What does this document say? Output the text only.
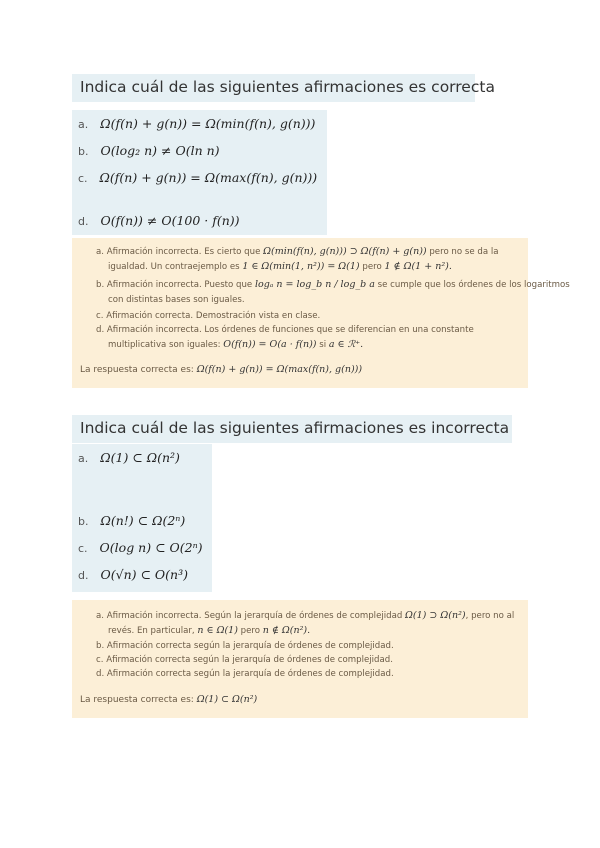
Indica cuál de las siguientes afirmaciones es correcta
a. Ω(f(n) + g(n)) = Ω(min(f(n), g(n)))
b. O(log₂ n) ≠ O(ln n)
c. Ω(f(n) + g(n)) = Ω(max(f(n), g(n)))
d. O(f(n)) ≠ O(100 · f(n))
a. Afirmación incorrecta. Es cierto que Ω(min(f(n), g(n))) ⊃ Ω(f(n) + g(n)) pero no se da la
igualdad. Un contraejemplo es 1 ∈ Ω(min(1, n²)) = Ω(1) pero 1 ∉ Ω(1 + n²).
b. Afirmación incorrecta. Puesto que logₐ n = log_b n / log_b a se cumple que los órdenes de los logaritmos
con distintas bases son iguales.
c. Afirmación correcta. Demostración vista en clase.
d. Afirmación incorrecta. Los órdenes de funciones que se diferencian en una constante
multiplicativa son iguales: O(f(n)) = O(a · f(n)) si a ∈ ℛ⁺.
La respuesta correcta es: Ω(f(n) + g(n)) = Ω(max(f(n), g(n)))
Indica cuál de las siguientes afirmaciones es incorrecta
a. Ω(1) ⊂ Ω(n²)
b. Ω(n!) ⊂ Ω(2ⁿ)
c. O(log n) ⊂ O(2ⁿ)
d. O(√n) ⊂ O(n³)
a. Afirmación incorrecta. Según la jerarquía de órdenes de complejidad Ω(1) ⊃ Ω(n²), pero no al
revés. En particular, n ∈ Ω(1) pero n ∉ Ω(n²).
b. Afirmación correcta según la jerarquía de órdenes de complejidad.
c. Afirmación correcta según la jerarquía de órdenes de complejidad.
d. Afirmación correcta según la jerarquía de órdenes de complejidad.
La respuesta correcta es: Ω(1) ⊂ Ω(n²)
